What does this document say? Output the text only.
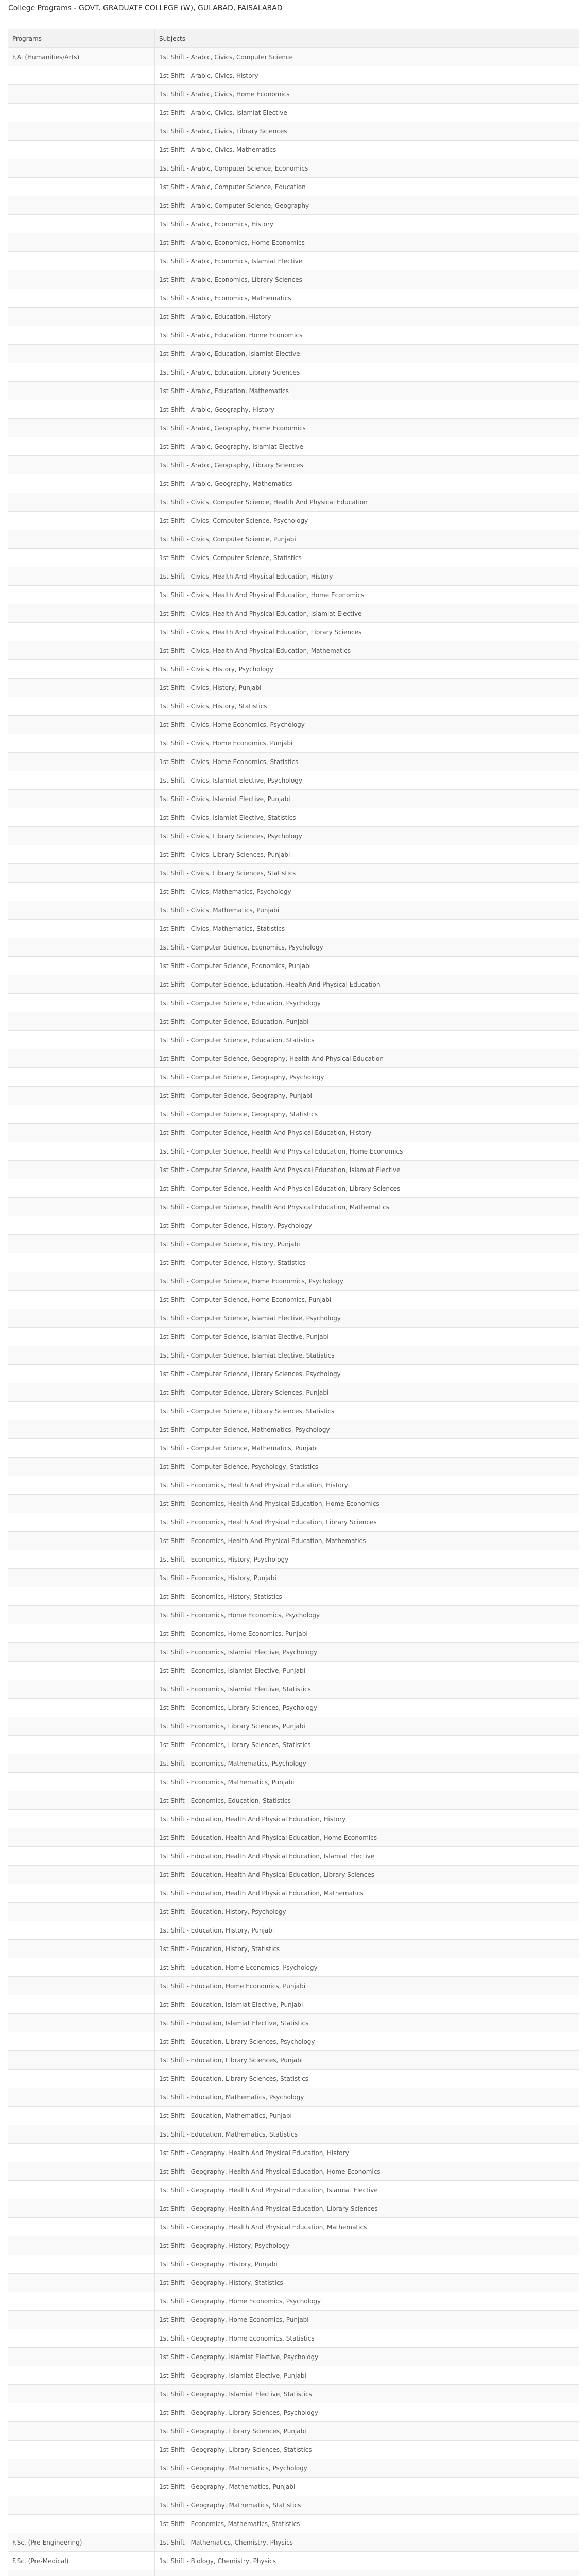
College Programs - GOVT. GRADUATE COLLEGE (W), GULABAD, FAISALABAD
Programs	Subjects
F.A. (Humanities/Arts)	1st Shift - Arabic, Civics, Computer Science
	1st Shift - Arabic, Civics, History
	1st Shift - Arabic, Civics, Home Economics
	1st Shift - Arabic, Civics, Islamiat Elective
	1st Shift - Arabic, Civics, Library Sciences
	1st Shift - Arabic, Civics, Mathematics
	1st Shift - Arabic, Computer Science, Economics
	1st Shift - Arabic, Computer Science, Education
	1st Shift - Arabic, Computer Science, Geography
	1st Shift - Arabic, Economics, History
	1st Shift - Arabic, Economics, Home Economics
	1st Shift - Arabic, Economics, Islamiat Elective
	1st Shift - Arabic, Economics, Library Sciences
	1st Shift - Arabic, Economics, Mathematics
	1st Shift - Arabic, Education, History
	1st Shift - Arabic, Education, Home Economics
	1st Shift - Arabic, Education, Islamiat Elective
	1st Shift - Arabic, Education, Library Sciences
	1st Shift - Arabic, Education, Mathematics
	1st Shift - Arabic, Geography, History
	1st Shift - Arabic, Geography, Home Economics
	1st Shift - Arabic, Geography, Islamiat Elective
	1st Shift - Arabic, Geography, Library Sciences
	1st Shift - Arabic, Geography, Mathematics
	1st Shift - Civics, Computer Science, Health And Physical Education
	1st Shift - Civics, Computer Science, Psychology
	1st Shift - Civics, Computer Science, Punjabi
	1st Shift - Civics, Computer Science, Statistics
	1st Shift - Civics, Health And Physical Education, History
	1st Shift - Civics, Health And Physical Education, Home Economics
	1st Shift - Civics, Health And Physical Education, Islamiat Elective
	1st Shift - Civics, Health And Physical Education, Library Sciences
	1st Shift - Civics, Health And Physical Education, Mathematics
	1st Shift - Civics, History, Psychology
	1st Shift - Civics, History, Punjabi
	1st Shift - Civics, History, Statistics
	1st Shift - Civics, Home Economics, Psychology
	1st Shift - Civics, Home Economics, Punjabi
	1st Shift - Civics, Home Economics, Statistics
	1st Shift - Civics, Islamiat Elective, Psychology
	1st Shift - Civics, Islamiat Elective, Punjabi
	1st Shift - Civics, Islamiat Elective, Statistics
	1st Shift - Civics, Library Sciences, Psychology
	1st Shift - Civics, Library Sciences, Punjabi
	1st Shift - Civics, Library Sciences, Statistics
	1st Shift - Civics, Mathematics, Psychology
	1st Shift - Civics, Mathematics, Punjabi
	1st Shift - Civics, Mathematics, Statistics
	1st Shift - Computer Science, Economics, Psychology
	1st Shift - Computer Science, Economics, Punjabi
	1st Shift - Computer Science, Education, Health And Physical Education
	1st Shift - Computer Science, Education, Psychology
	1st Shift - Computer Science, Education, Punjabi
	1st Shift - Computer Science, Education, Statistics
	1st Shift - Computer Science, Geography, Health And Physical Education
	1st Shift - Computer Science, Geography, Psychology
	1st Shift - Computer Science, Geography, Punjabi
	1st Shift - Computer Science, Geography, Statistics
	1st Shift - Computer Science, Health And Physical Education, History
	1st Shift - Computer Science, Health And Physical Education, Home Economics
	1st Shift - Computer Science, Health And Physical Education, Islamiat Elective
	1st Shift - Computer Science, Health And Physical Education, Library Sciences
	1st Shift - Computer Science, Health And Physical Education, Mathematics
	1st Shift - Computer Science, History, Psychology
	1st Shift - Computer Science, History, Punjabi
	1st Shift - Computer Science, History, Statistics
	1st Shift - Computer Science, Home Economics, Psychology
	1st Shift - Computer Science, Home Economics, Punjabi
	1st Shift - Computer Science, Islamiat Elective, Psychology
	1st Shift - Computer Science, Islamiat Elective, Punjabi
	1st Shift - Computer Science, Islamiat Elective, Statistics
	1st Shift - Computer Science, Library Sciences, Psychology
	1st Shift - Computer Science, Library Sciences, Punjabi
	1st Shift - Computer Science, Library Sciences, Statistics
	1st Shift - Computer Science, Mathematics, Psychology
	1st Shift - Computer Science, Mathematics, Punjabi
	1st Shift - Computer Science, Psychology, Statistics
	1st Shift - Economics, Health And Physical Education, History
	1st Shift - Economics, Health And Physical Education, Home Economics
	1st Shift - Economics, Health And Physical Education, Library Sciences
	1st Shift - Economics, Health And Physical Education, Mathematics
	1st Shift - Economics, History, Psychology
	1st Shift - Economics, History, Punjabi
	1st Shift - Economics, History, Statistics
	1st Shift - Economics, Home Economics, Psychology
	1st Shift - Economics, Home Economics, Punjabi
	1st Shift - Economics, Islamiat Elective, Psychology
	1st Shift - Economics, Islamiat Elective, Punjabi
	1st Shift - Economics, Islamiat Elective, Statistics
	1st Shift - Economics, Library Sciences, Psychology
	1st Shift - Economics, Library Sciences, Punjabi
	1st Shift - Economics, Library Sciences, Statistics
	1st Shift - Economics, Mathematics, Psychology
	1st Shift - Economics, Mathematics, Punjabi
	1st Shift - Economics, Education, Statistics
	1st Shift - Education, Health And Physical Education, History
	1st Shift - Education, Health And Physical Education, Home Economics
	1st Shift - Education, Health And Physical Education, Islamiat Elective
	1st Shift - Education, Health And Physical Education, Library Sciences
	1st Shift - Education, Health And Physical Education, Mathematics
	1st Shift - Education, History, Psychology
	1st Shift - Education, History, Punjabi
	1st Shift - Education, History, Statistics
	1st Shift - Education, Home Economics, Psychology
	1st Shift - Education, Home Economics, Punjabi
	1st Shift - Education, Islamiat Elective, Punjabi
	1st Shift - Education, Islamiat Elective, Statistics
	1st Shift - Education, Library Sciences, Psychology
	1st Shift - Education, Library Sciences, Punjabi
	1st Shift - Education, Library Sciences, Statistics
	1st Shift - Education, Mathematics, Psychology
	1st Shift - Education, Mathematics, Punjabi
	1st Shift - Education, Mathematics, Statistics
	1st Shift - Geography, Health And Physical Education, History
	1st Shift - Geography, Health And Physical Education, Home Economics
	1st Shift - Geography, Health And Physical Education, Islamiat Elective
	1st Shift - Geography, Health And Physical Education, Library Sciences
	1st Shift - Geography, Health And Physical Education, Mathematics
	1st Shift - Geography, History, Psychology
	1st Shift - Geography, History, Punjabi
	1st Shift - Geography, History, Statistics
	1st Shift - Geography, Home Economics, Psychology
	1st Shift - Geography, Home Economics, Punjabi
	1st Shift - Geography, Home Economics, Statistics
	1st Shift - Geography, Islamiat Elective, Psychology
	1st Shift - Geography, Islamiat Elective, Punjabi
	1st Shift - Geography, Islamiat Elective, Statistics
	1st Shift - Geography, Library Sciences, Psychology
	1st Shift - Geography, Library Sciences, Punjabi
	1st Shift - Geography, Library Sciences, Statistics
	1st Shift - Geography, Mathematics, Psychology
	1st Shift - Geography, Mathematics, Punjabi
	1st Shift - Geography, Mathematics, Statistics
	1st Shift - Economics, Mathematics, Statistics
F.Sc. (Pre-Engineering)	1st Shift - Mathematics, Chemistry, Physics
F.Sc. (Pre-Medical)	1st Shift - Biology, Chemistry, Physics
